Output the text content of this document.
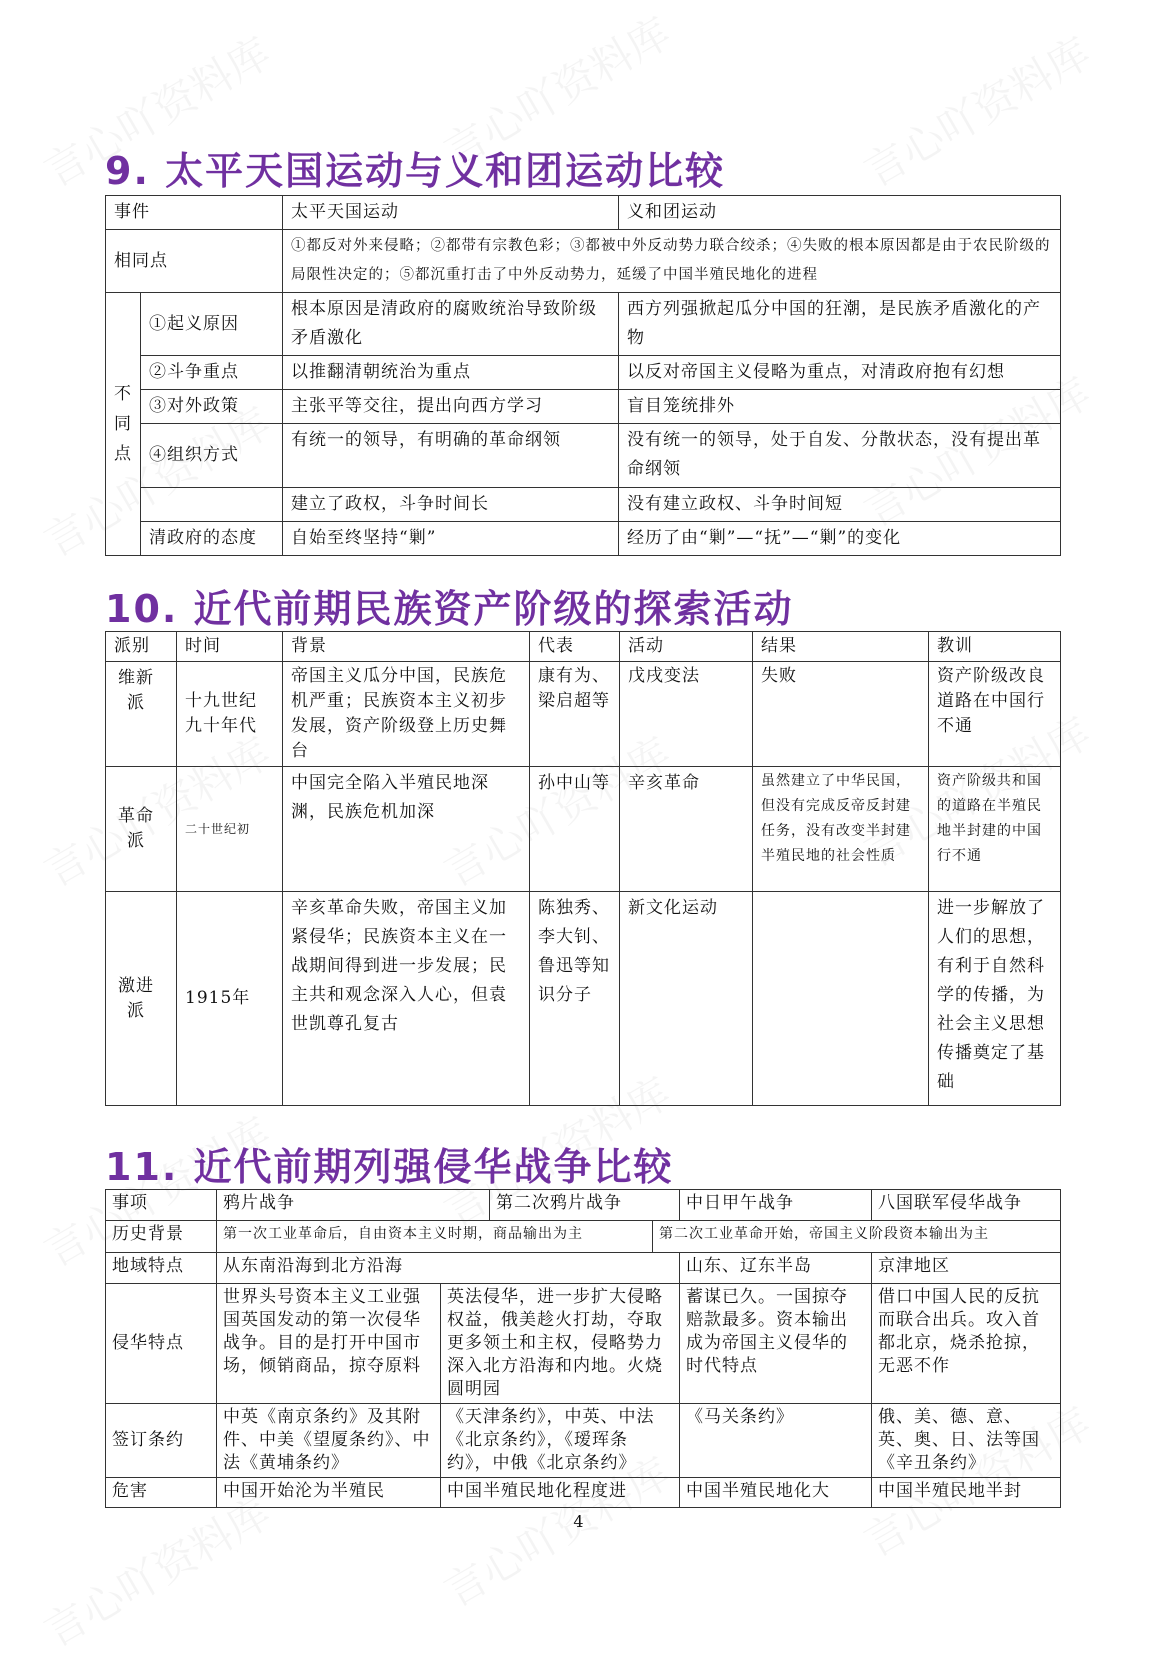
9. 太平天国运动与义和团运动比较
事件		太平天国运动	义和团运动
相同点		①都反对外来侵略；②都带有宗教色彩；③都被中外反动势力联合绞杀；④失败的根本原因都是由于农民阶级的局限性决定的；⑤都沉重打击了中外反动势力，延缓了中国半殖民地化的进程	
不同点	①起义原因	根本原因是清政府的腐败统治导致阶级矛盾激化	西方列强掀起瓜分中国的狂潮，是民族矛盾激化的产物
	②斗争重点	以推翻清朝统治为重点	以反对帝国主义侵略为重点，对清政府抱有幻想
	③对外政策	主张平等交往，提出向西方学习	盲目笼统排外
	④组织方式	有统一的领导，有明确的革命纲领	没有统一的领导，处于自发、分散状态，没有提出革命纲领
		建立了政权，斗争时间长	没有建立政权、斗争时间短
	清政府的态度	自始至终坚持“剿”	经历了由“剿”—“抚”—“剿”的变化
10. 近代前期民族资产阶级的探索活动
派别	时间	背景	代表	活动	结果	教训
维新派	十九世纪九十年代	帝国主义瓜分中国，民族危机严重；民族资本主义初步发展，资产阶级登上历史舞台	康有为、梁启超等	戊戌变法	失败	资产阶级改良道路在中国行不通
革命派	二十世纪初	中国完全陷入半殖民地深渊，民族危机加深	孙中山等	辛亥革命	虽然建立了中华民国，但没有完成反帝反封建任务，没有改变半封建半殖民地的社会性质	资产阶级共和国的道路在半殖民地半封建的中国行不通
激进派	1915年	辛亥革命失败，帝国主义加紧侵华；民族资本主义在一战期间得到进一步发展；民主共和观念深入人心，但袁世凯尊孔复古	陈独秀、李大钊、鲁迅等知识分子	新文化运动		进一步解放了人们的思想，有利于自然科学的传播，为社会主义思想传播奠定了基础
11. 近代前期列强侵华战争比较
事项	鸦片战争		第二次鸦片战争		中日甲午战争	八国联军侵华战争
历史背景	第一次工业革命后，自由资本主义时期，商品输出为主			第二次工业革命开始，帝国主义阶段资本输出为主		
地域特点	从东南沿海到北方沿海				山东、辽东半岛	京津地区
侵华特点	世界头号资本主义工业强国英国发动的第一次侵华战争。目的是打开中国市场，倾销商品，掠夺原料	英法侵华，进一步扩大侵略权益，俄美趁火打劫，夺取更多领土和主权，侵略势力深入北方沿海和内地。火烧圆明园			蓄谋已久。一国掠夺赔款最多。资本输出成为帝国主义侵华的时代特点	借口中国人民的反抗而联合出兵。攻入首都北京，烧杀抢掠，无恶不作
签订条约	中英《南京条约》及其附件、中美《望厦条约》、中法《黄埔条约》	《天津条约》，中英、中法《北京条约》，《瑷珲条约》，中俄《北京条约》			《马关条约》	俄、美、德、意、英、奥、日、法等国《辛丑条约》
危害	中国开始沦为半殖民	中国半殖民地化程度进			中国半殖民地化大	中国半殖民地半封
4
